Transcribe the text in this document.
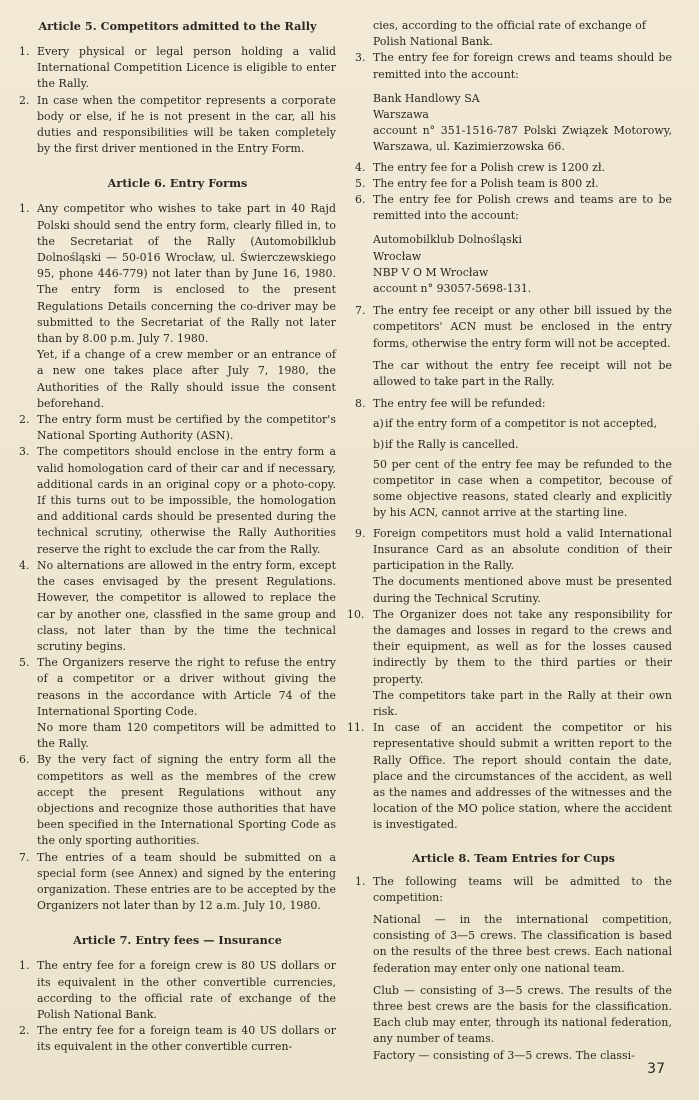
Article 5. Competitors admitted to the Rally
1. Every physical or legal person holding a valid International Competition Licence is eligible to enter the Rally.

2. In case when the competitor represents a corporate body or else, if he is not present in the car, all his duties and responsibilities will be taken completely by the first driver mentioned in the Entry Form.

Article 6. Entry Forms
1. Any competitor who wishes to take part in 40 Rajd Polski should send the entry form, clearly filled in, to the Secretariat of the Rally (Automobilklub Dolnośląski — 50-016 Wrocław, ul. Świerczewskiego 95, phone 446-779) not later than by June 16, 1980. The entry form is enclosed to the present Regulations Details concerning the co-driver may be submitted to the Secretariat of the Rally not later than by 8.00 p.m. July 7. 1980.

Yet, if a change of a crew member or an entrance of a new one takes place after July 7, 1980, the Authorities of the Rally should issue the consent beforehand.

2. The entry form must be certified by the competitor's National Sporting Authority (ASN).

3. The competitors should enclose in the entry form a valid homologation card of their car and if necessary, additional cards in an original copy or a photo-copy. If this turns out to be impossible, the homologation and additional cards should be presented during the technical scrutiny, otherwise the Rally Authorities reserve the right to exclude the car from the Rally.

4. No alternations are allowed in the entry form, except the cases envisaged by the present Regulations. However, the competitor is allowed to replace the car by another one, classfied in the same group and class, not later than by the time the technical scrutiny begins.

5. The Organizers reserve the right to refuse the entry of a competitor or a driver without giving the reasons in the accordance with Article 74 of the International Sporting Code.

No more tham 120 competitors will be admitted to the Rally.

6. By the very fact of signing the entry form all the competitors as well as the membres of the crew accept the present Regulations without any objections and recognize those authorities that have been specified in the International Sporting Code as the only sporting authorities.

7. The entries of a team should be submitted on a special form (see Annex) and signed by the entering organization. These entries are to be accepted by the Organizers not later than by 12 a.m. July 10, 1980.

Article 7. Entry fees — Insurance
1. The entry fee for a foreign crew is 80 US dollars or its equivalent in the other convertible currencies, according to the official rate of exchange of the Polish National Bank.

2. The entry fee for a foreign team is 40 US dollars or its equivalent in the other convertible curren-

cies, according to the official rate of exchange of Polish National Bank.

3. The entry fee for foreign crews and teams should be remitted into the account:

Bank Handlowy SA

Warszawa

account n° 351-1516-787 Polski Związek Motorowy, Warszawa, ul. Kazimierzowska 66.

4. The entry fee for a Polish crew is 1200 zł.

5. The entry fee for a Polish team is 800 zł.

6. The entry fee for Polish crews and teams are to be remitted into the account:

Automobilklub Dolnośląski

Wrocław

NBP V O M Wrocław

account n° 93057-5698-131.

7. The entry fee receipt or any other bill issued by the competitors' ACN must be enclosed in the entry forms, otherwise the entry form will not be accepted.

The car without the entry fee receipt will not be allowed to take part in the Rally.

8. The entry fee will be refunded:

a) if the entry form of a competitor is not accepted,

b) if the Rally is cancelled.

50 per cent of the entry fee may be refunded to the competitor in case when a competitor, becouse of some objective reasons, stated clearly and explicitly by his ACN, cannot arrive at the starting line.

9. Foreign competitors must hold a valid International Insurance Card as an absolute condition of their participation in the Rally.

The documents mentioned above must be presented during the Technical Scrutiny.

10. The Organizer does not take any responsibility for the damages and losses in regard to the crews and their equipment, as well as for the losses caused indirectly by them to the third parties or their property.

The competitors take part in the Rally at their own risk.

11. In case of an accident the competitor or his representative should submit a written report to the Rally Office. The report should contain the date, place and the circumstances of the accident, as well as the names and addresses of the witnesses and the location of the MO police station, where the accident is investigated.

Article 8. Team Entries for Cups
1. The following teams will be admitted to the competition:

National — in the international competition, consisting of 3—5 crews. The classification is based on the results of the three best crews. Each national federation may enter only one national team.

Club — consisting of 3—5 crews. The results of the three best crews are the basis for the classification. Each club may enter, through its national federation, any number of teams.

Factory — consisting of 3—5 crews. The classi-

37
